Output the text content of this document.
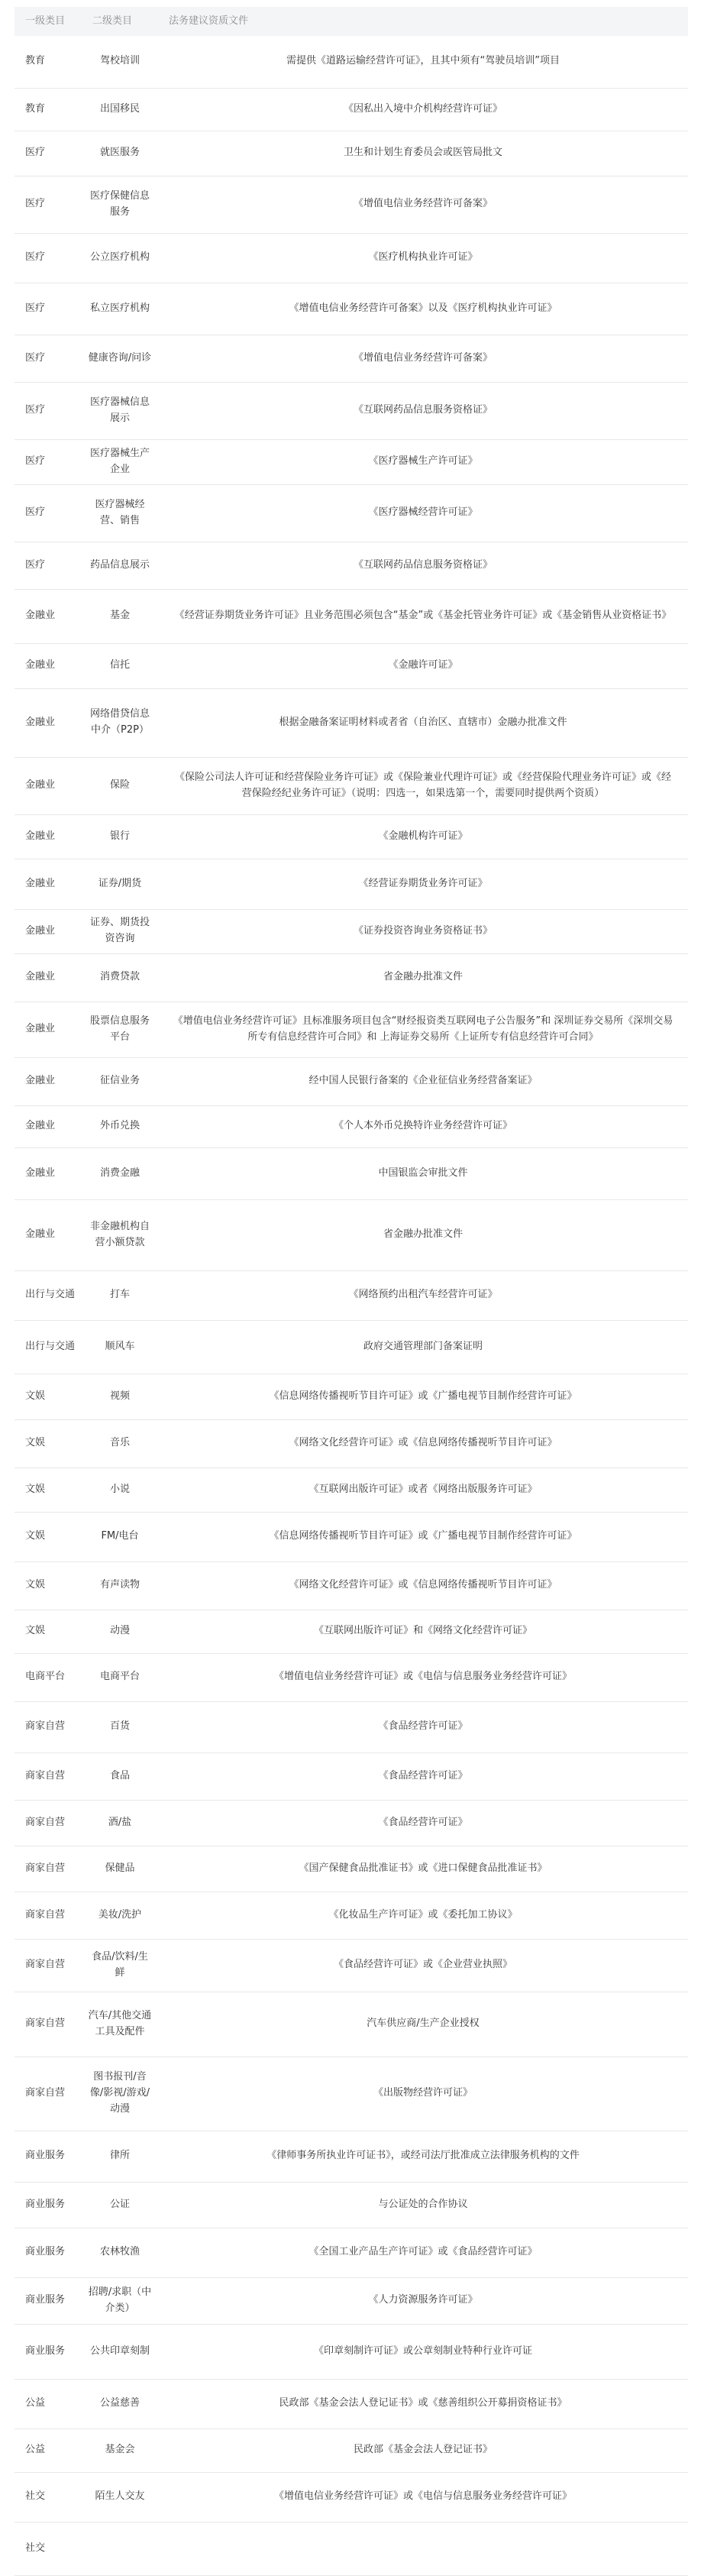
一级类目	二级类目	法务建议资质文件
教育	驾校培训	需提供《道路运输经营许可证》，且其中须有“驾驶员培训”项目
教育	出国移民	《因私出入境中介机构经营许可证》
医疗	就医服务	卫生和计划生育委员会或医管局批文
医疗	医疗保健信息服务	《增值电信业务经营许可备案》
医疗	公立医疗机构	《医疗机构执业许可证》
医疗	私立医疗机构	《增值电信业务经营许可备案》以及《医疗机构执业许可证》
医疗	健康咨询/问诊	《增值电信业务经营许可备案》
医疗	医疗器械信息展示	《互联网药品信息服务资格证》
医疗	医疗器械生产企业	《医疗器械生产许可证》
医疗	医疗器械经营、销售	《医疗器械经营许可证》
医疗	药品信息展示	《互联网药品信息服务资格证》
金融业	基金	《经营证券期货业务许可证》且业务范围必须包含“基金”或《基金托管业务许可证》或《基金销售从业资格证书》
金融业	信托	《金融许可证》
金融业	网络借贷信息中介（P2P）	根据金融备案证明材料或者省（自治区、直辖市）金融办批准文件
金融业	保险	《保险公司法人许可证和经营保险业务许可证》或《保险兼业代理许可证》或《经营保险代理业务许可证》或《经营保险经纪业务许可证》（说明：四选一，如果选第一个，需要同时提供两个资质）
金融业	银行	《金融机构许可证》
金融业	证券/期货	《经营证券期货业务许可证》
金融业	证券、期货投资咨询	《证券投资咨询业务资格证书》
金融业	消费贷款	省金融办批准文件
金融业	股票信息服务平台	《增值电信业务经营许可证》且标准服务项目包含“财经报资类互联网电子公告服务”和 深圳证券交易所《深圳交易所专有信息经营许可合同》和 上海证券交易所《上证所专有信息经营许可合同》
金融业	征信业务	经中国人民银行备案的《企业征信业务经营备案证》
金融业	外币兑换	《个人本外币兑换特许业务经营许可证》
金融业	消费金融	中国银监会审批文件
金融业	非金融机构自营小额贷款	省金融办批准文件
出行与交通	打车	《网络预约出租汽车经营许可证》
出行与交通	顺风车	政府交通管理部门备案证明
文娱	视频	《信息网络传播视听节目许可证》或《广播电视节目制作经营许可证》
文娱	音乐	《网络文化经营许可证》或《信息网络传播视听节目许可证》
文娱	小说	《互联网出版许可证》或者《网络出版服务许可证》
文娱	FM/电台	《信息网络传播视听节目许可证》或《广播电视节目制作经营许可证》
文娱	有声读物	《网络文化经营许可证》或《信息网络传播视听节目许可证》
文娱	动漫	《互联网出版许可证》和《网络文化经营许可证》
电商平台	电商平台	《增值电信业务经营许可证》或《电信与信息服务业务经营许可证》
商家自营	百货	《食品经营许可证》
商家自营	食品	《食品经营许可证》
商家自营	酒/盐	《食品经营许可证》
商家自营	保健品	《国产保健食品批准证书》或《进口保健食品批准证书》
商家自营	美妆/洗护	《化妆品生产许可证》或《委托加工协议》
商家自营	食品/饮料/生鲜	《食品经营许可证》或《企业营业执照》
商家自营	汽车/其他交通工具及配件	汽车供应商/生产企业授权
商家自营	图书报刊/音像/影视/游戏/动漫	《出版物经营许可证》
商业服务	律所	《律师事务所执业许可证书》，或经司法厅批准成立法律服务机构的文件
商业服务	公证	与公证处的合作协议
商业服务	农林牧渔	《全国工业产品生产许可证》或《食品经营许可证》
商业服务	招聘/求职（中介类）	《人力资源服务许可证》
商业服务	公共印章刻制	《印章刻制许可证》或公章刻制业特种行业许可证
公益	公益慈善	民政部《基金会法人登记证书》或《慈善组织公开募捐资格证书》
公益	基金会	民政部《基金会法人登记证书》
社交	陌生人交友	《增值电信业务经营许可证》或《电信与信息服务业务经营许可证》
社交		
